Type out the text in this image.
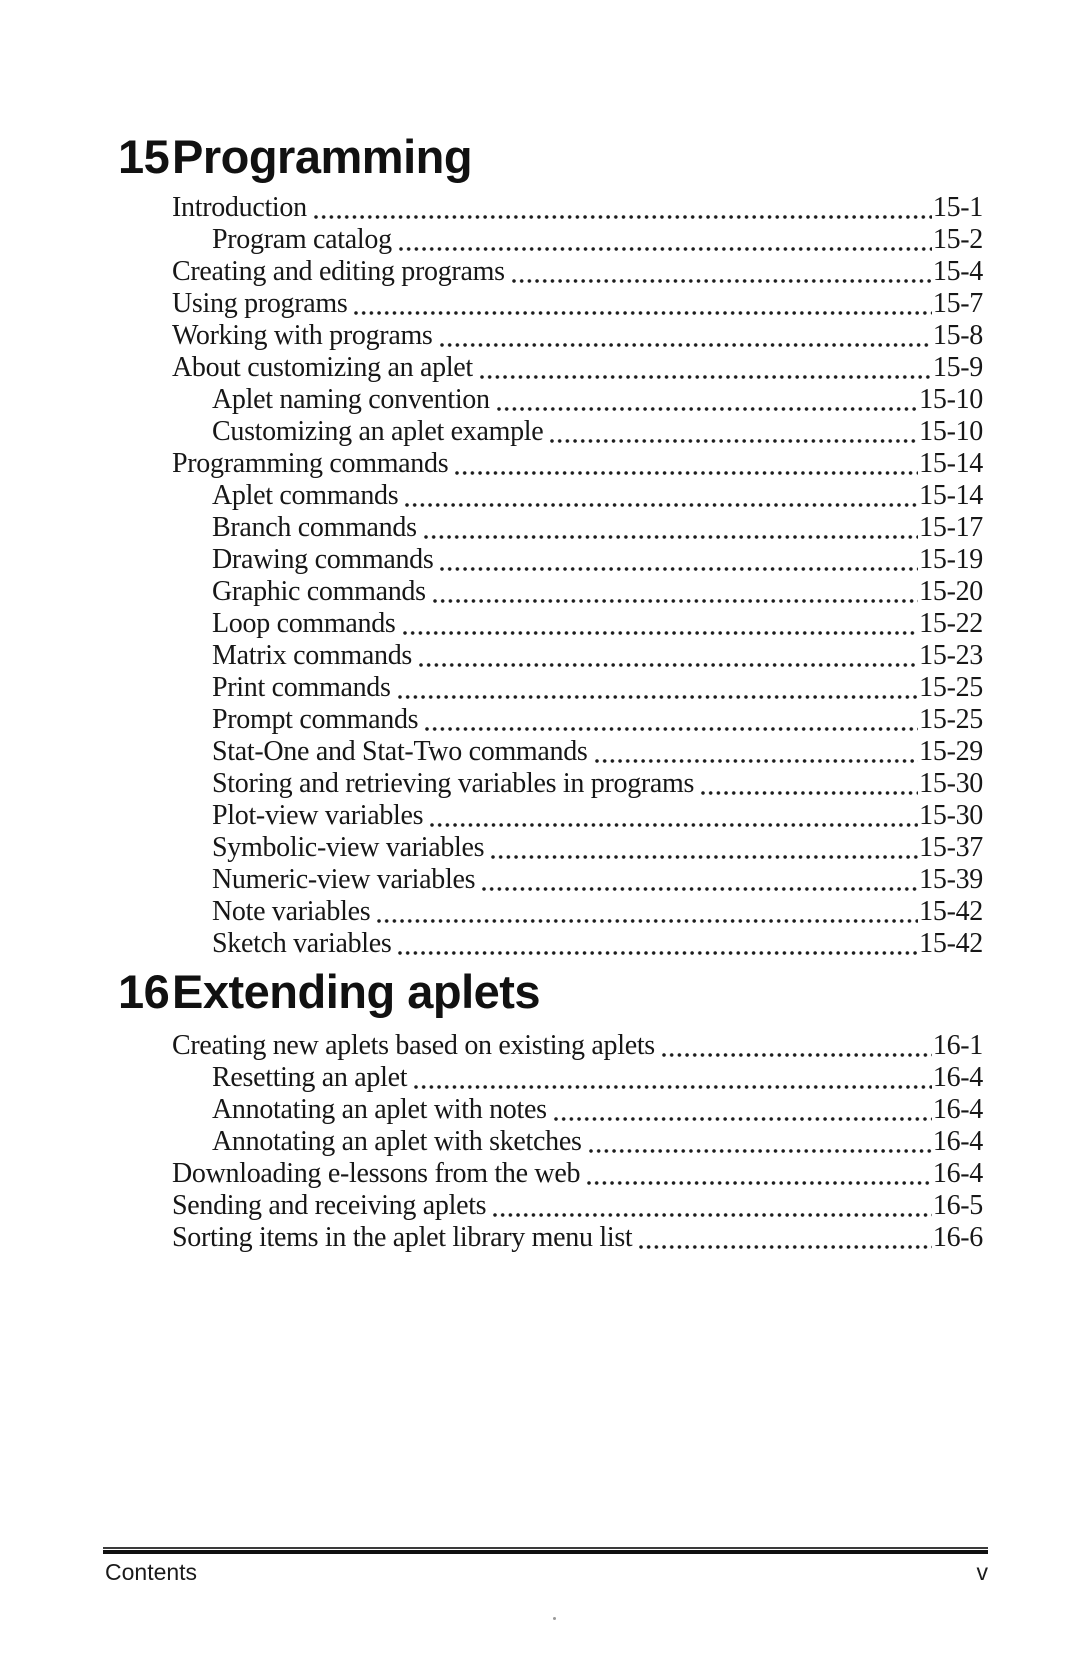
15 Programming
Introduction	15-1
Program catalog	15-2
Creating and editing programs	15-4
Using programs	15-7
Working with programs	15-8
About customizing an aplet	15-9
Aplet naming convention	15-10
Customizing an aplet example	15-10
Programming commands	15-14
Aplet commands	15-14
Branch commands	15-17
Drawing commands	15-19
Graphic commands	15-20
Loop commands	15-22
Matrix commands	15-23
Print commands	15-25
Prompt commands	15-25
Stat-One and Stat-Two commands	15-29
Storing and retrieving variables in programs	15-30
Plot-view variables	15-30
Symbolic-view variables	15-37
Numeric-view variables	15-39
Note variables	15-42
Sketch variables	15-42
16 Extending aplets
Creating new aplets based on existing aplets	16-1
Resetting an aplet	16-4
Annotating an aplet with notes	16-4
Annotating an aplet with sketches	16-4
Downloading e-lessons from the web	16-4
Sending and receiving aplets	16-5
Sorting items in the aplet library menu list	16-6
Contents	v
